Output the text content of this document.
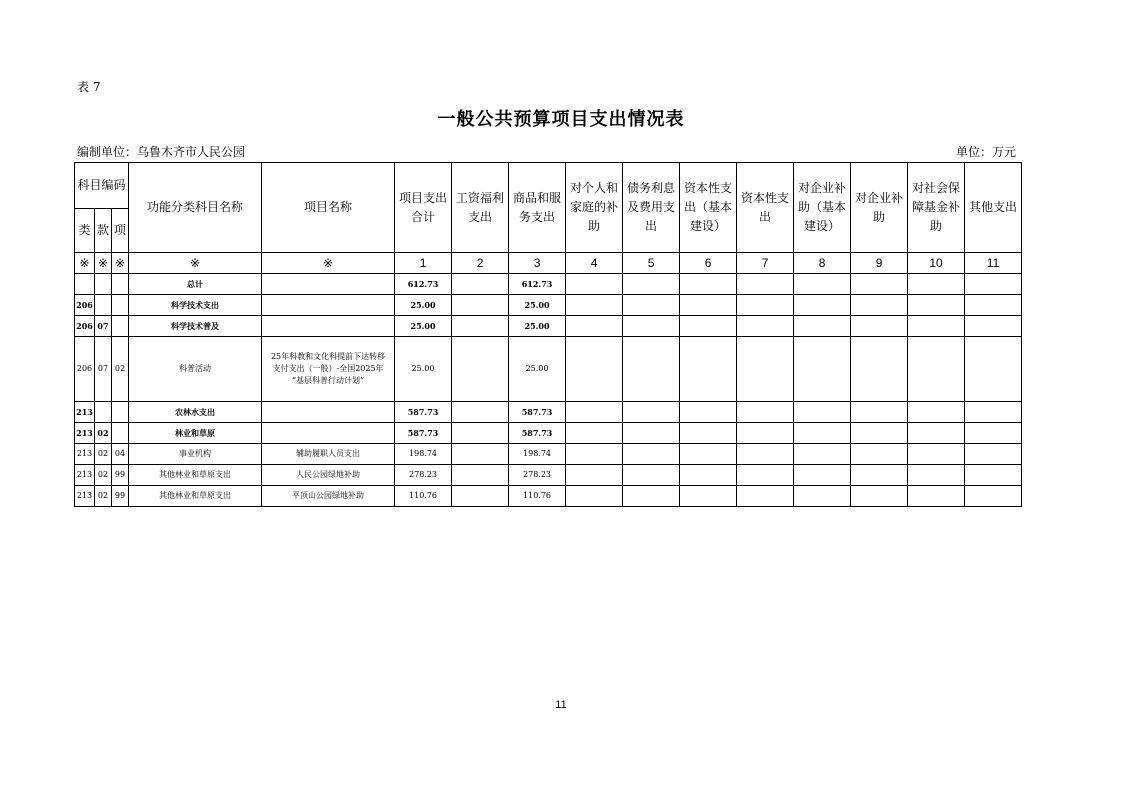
表 7
一般公共预算项目支出情况表
编制单位：乌鲁木齐市人民公园	单位：万元
科目编码			功能分类科目名称	项目名称	项目支出合计	工资福利支出	商品和服务支出	对个人和家庭的补助	债务利息及费用支出	资本性支出（基本建设）	资本性支出	对企业补助（基本建设）	对企业补助	对社会保障基金补助	其他支出
类	款	项													
※	※	※	※	※	1	2	3	4	5	6	7	8	9	10	11
			总计		612.73		612.73								
206			科学技术支出		25.00		25.00								
206	07		科学技术普及		25.00		25.00								
206	07	02	科普活动	25年科教和文化科提前下达转移
支付支出（一般）-全国2025年
“基层科普行动计划”	25.00		25.00								
213			农林水支出		587.73		587.73								
213	02		林业和草原		587.73		587.73								
213	02	04	事业机构	辅助履职人员支出	198.74		198.74								
213	02	99	其他林业和草原支出	人民公园绿地补助	278.23		278.23								
213	02	99	其他林业和草原支出	平顶山公园绿地补助	110.76		110.76								
11
